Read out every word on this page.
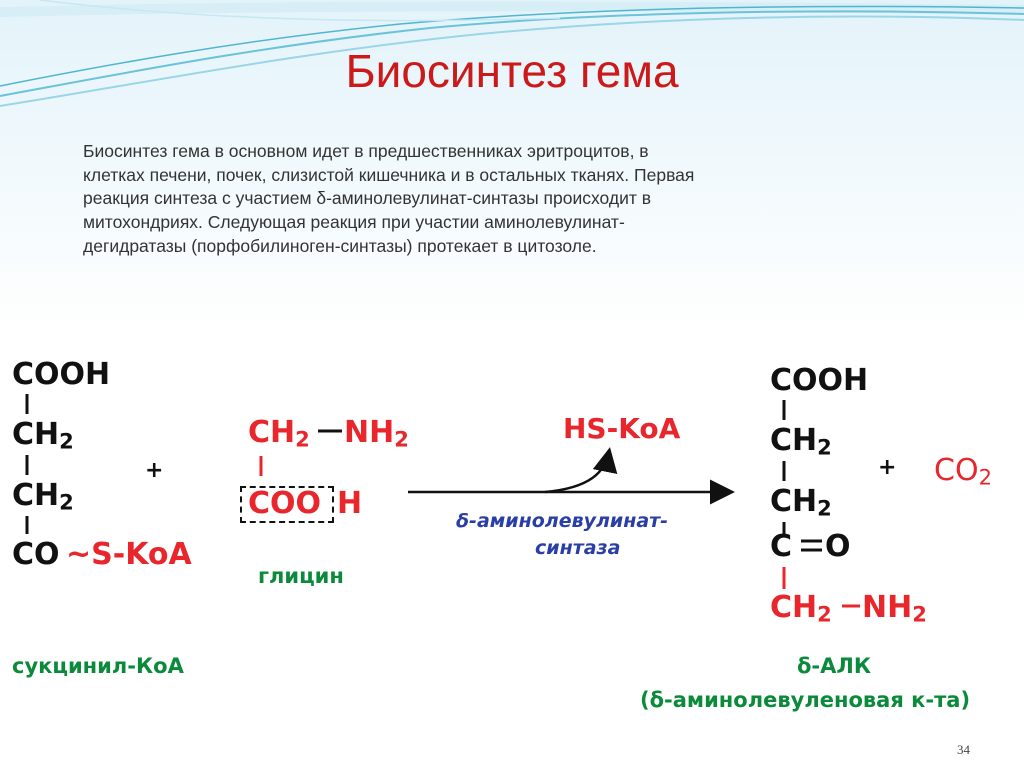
Биосинтез гема
Биосинтез гема в основном идет в предшественниках эритроцитов, в
клетках печени, почек, слизистой кишечника и в остальных тканях. Первая
реакция синтеза с участием δ-аминолевулинат-синтазы происходит в
митохондриях. Следующая реакция при участии аминолевулинат-
дегидратазы (порфобилиноген-синтазы) протекает в цитозоле.
COOH
$CH_2$
$CH_2$
CO ~S-KoA
сукцинил-КоА
+
$CH_2$ $NH_2$
COO H
глицин
HS-KoA
δ-аминолевулинат-
синтаза
COOH
$CH_2$
$CH_2$
C O
$CH_2$ $NH_2$
δ-АЛК
(δ-аминолевуленовая к-та)
+ $CO_2$
34
